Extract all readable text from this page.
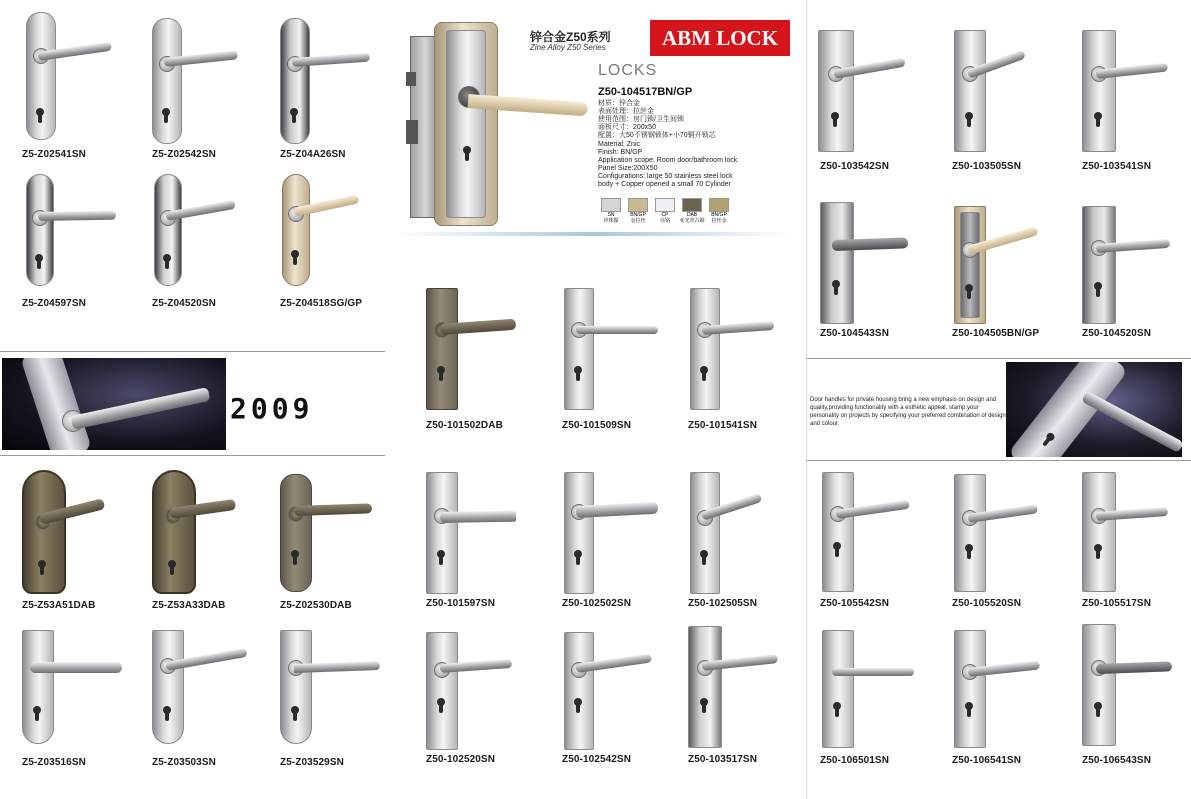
锌合金Z50系列
Zine Alloy Z50 Series	ABM LOCK
LOCKS
Z50-104517BN/GP
材质：锌合金
表面处理：拉丝金
使用范围：房门锁/卫生间锁
面板尺寸：200x50
配置：大50不锈钢锁体+小70铜开锁芯
Material: Znic
Finish: BN/GP
Application scope: Room door/bathroom lock
Panel Size:200X50
Configurations: large 50 stainless steel lock
body + Copper opened a small 70 Cylinder
SN
珍珠镍
BN/GP
金拉丝
CP
亮铬
DAB
亚光青古铜
BN/GP
拉丝金
2009	Door handles for private housing bring a new emphasis on design and quality,providing functionality with a esthetic appeal, stamp your personality on projects by specifying your preferred combination of design and colour.
Z5-Z02541SN	Z5-Z02542SN	Z5-Z04A26SN
Z5-Z04597SN	Z5-Z04520SN	Z5-Z04518SG/GP
Z5-Z53A51DAB	Z5-Z53A33DAB	Z5-Z02530DAB
Z5-Z03516SN	Z5-Z03503SN	Z5-Z03529SN
Z50-101502DAB	Z50-101509SN	Z50-101541SN
Z50-101597SN	Z50-102502SN	Z50-102505SN
Z50-102520SN	Z50-102542SN	Z50-103517SN
Z50-103542SN	Z50-103505SN	Z50-103541SN
Z50-104543SN	Z50-104505BN/GP	Z50-104520SN
Z50-105542SN	Z50-105520SN	Z50-105517SN
Z50-106501SN	Z50-106541SN	Z50-106543SN
